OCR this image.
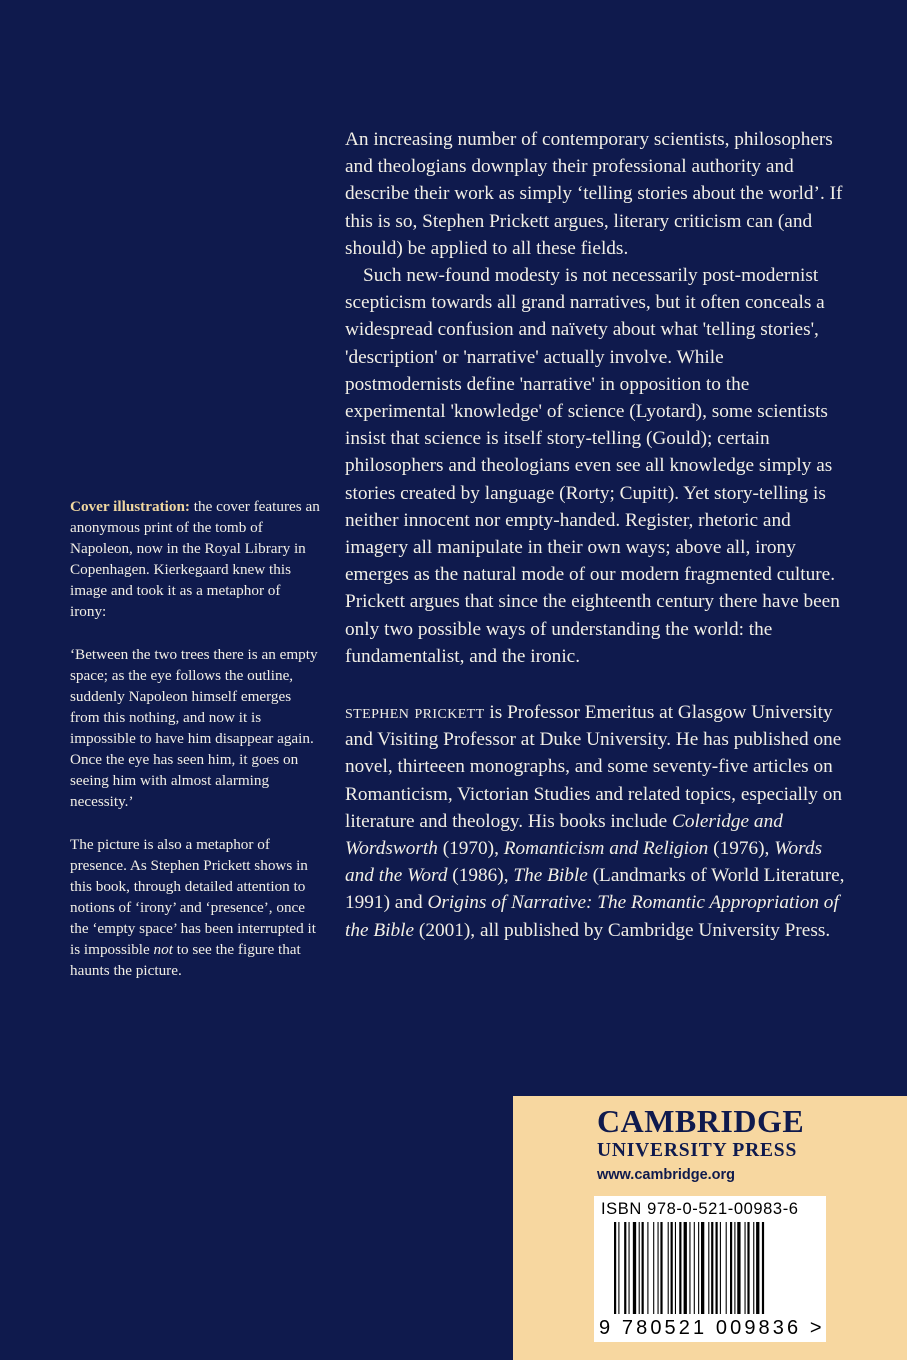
Cover illustration: the cover features an anonymous print of the tomb of Napoleon, now in the Royal Library in Copenhagen. Kierkegaard knew this image and took it as a metaphor of irony:

‘Between the two trees there is an empty space; as the eye follows the outline, suddenly Napoleon himself emerges from this nothing, and now it is impossible to have him disappear again. Once the eye has seen him, it goes on seeing him with almost alarming necessity.’

The picture is also a metaphor of presence. As Stephen Prickett shows in this book, through detailed attention to notions of ‘irony’ and ‘presence’, once the ‘empty space’ has been interrupted it is impossible not to see the figure that haunts the picture.

An increasing number of contemporary scientists, philosophers and theologians downplay their professional authority and describe their work as simply ‘telling stories about the world’. If this is so, Stephen Prickett argues, literary criticism can (and should) be applied to all these fields.

Such new-found modesty is not necessarily post-modernist scepticism towards all grand narratives, but it often conceals a widespread confusion and naïvety about what 'telling stories', 'description' or 'narrative' actually involve. While postmodernists define 'narrative' in opposition to the experimental 'knowledge' of science (Lyotard), some scientists insist that science is itself story-telling (Gould); certain philosophers and theologians even see all knowledge simply as stories created by language (Rorty; Cupitt). Yet story-telling is neither innocent nor empty-handed. Register, rhetoric and imagery all manipulate in their own ways; above all, irony emerges as the natural mode of our modern fragmented culture. Prickett argues that since the eighteenth century there have been only two possible ways of understanding the world: the fundamentalist, and the ironic.

stephen prickett is Professor Emeritus at Glasgow University and Visiting Professor at Duke University. He has published one novel, thirteeen monographs, and some seventy-five articles on Romanticism, Victorian Studies and related topics, especially on literature and theology. His books include Coleridge and Wordsworth (1970), Romanticism and Religion (1976), Words and the Word (1986), The Bible (Landmarks of World Literature, 1991) and Origins of Narrative: The Romantic Appropriation of the Bible (2001), all published by Cambridge University Press.

CAMBRIDGE
UNIVERSITY PRESS
www.cambridge.org
ISBN 978-0-521-00983-6
9 780521 009836 >
